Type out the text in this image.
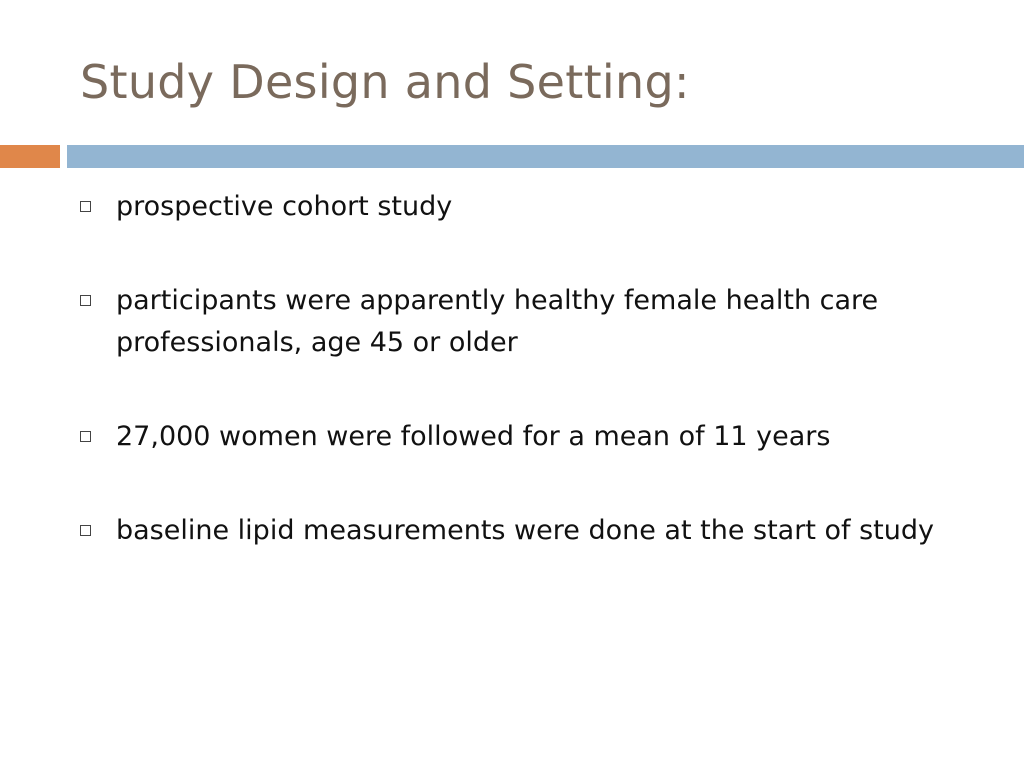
Study Design and Setting:
prospective cohort study
participants were apparently healthy female health care professionals, age 45 or older
27,000 women were followed for a mean of 11 years
baseline lipid measurements were done at the start of study
